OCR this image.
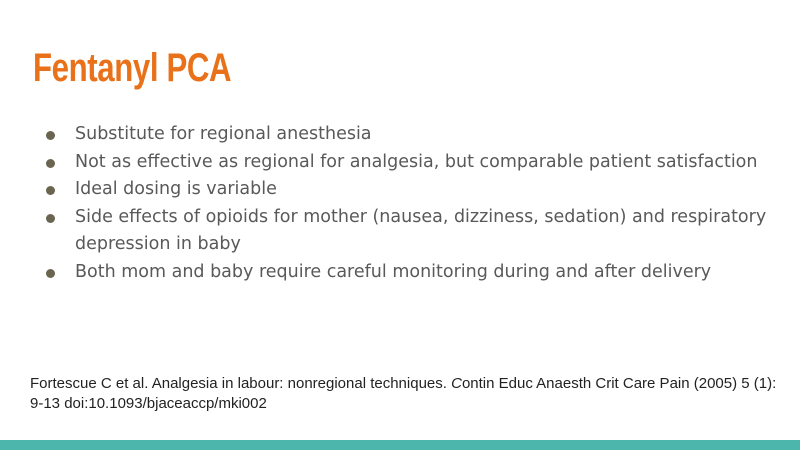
Fentanyl PCA
Substitute for regional anesthesia
Not as effective as regional for analgesia, but comparable patient satisfaction
Ideal dosing is variable
Side effects of opioids for mother (nausea, dizziness, sedation) and respiratory depression in baby
Both mom and baby require careful monitoring during and after delivery
Fortescue C et al. Analgesia in labour: nonregional techniques. Contin Educ Anaesth Crit Care Pain (2005) 5 (1): 9-13 doi:10.1093/bjaceaccp/mki002
